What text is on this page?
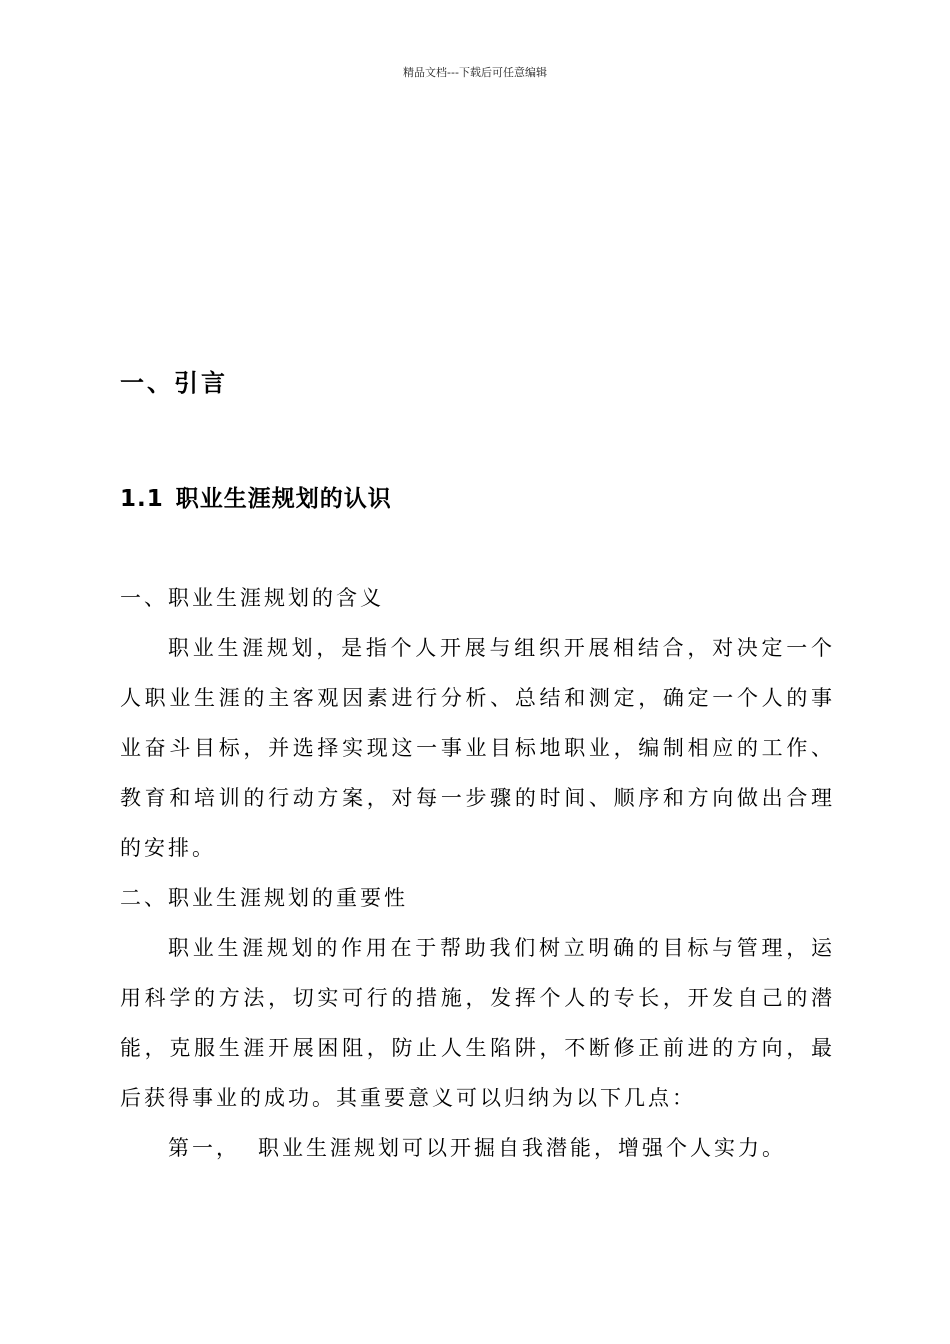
精品文档---下载后可任意编辑
一、引言
1.1 职业生涯规划的认识
一、职业生涯规划的含义
职业生涯规划，是指个人开展与组织开展相结合，对决定一个
人职业生涯的主客观因素进行分析、总结和测定，确定一个人的事
业奋斗目标，并选择实现这一事业目标地职业，编制相应的工作、
教育和培训的行动方案，对每一步骤的时间、顺序和方向做出合理
的安排。
二、职业生涯规划的重要性
职业生涯规划的作用在于帮助我们树立明确的目标与管理，运
用科学的方法，切实可行的措施，发挥个人的专长，开发自己的潜
能，克服生涯开展困阻，防止人生陷阱，不断修正前进的方向，最
后获得事业的成功。其重要意义可以归纳为以下几点：
第一， 职业生涯规划可以开掘自我潜能，增强个人实力。
